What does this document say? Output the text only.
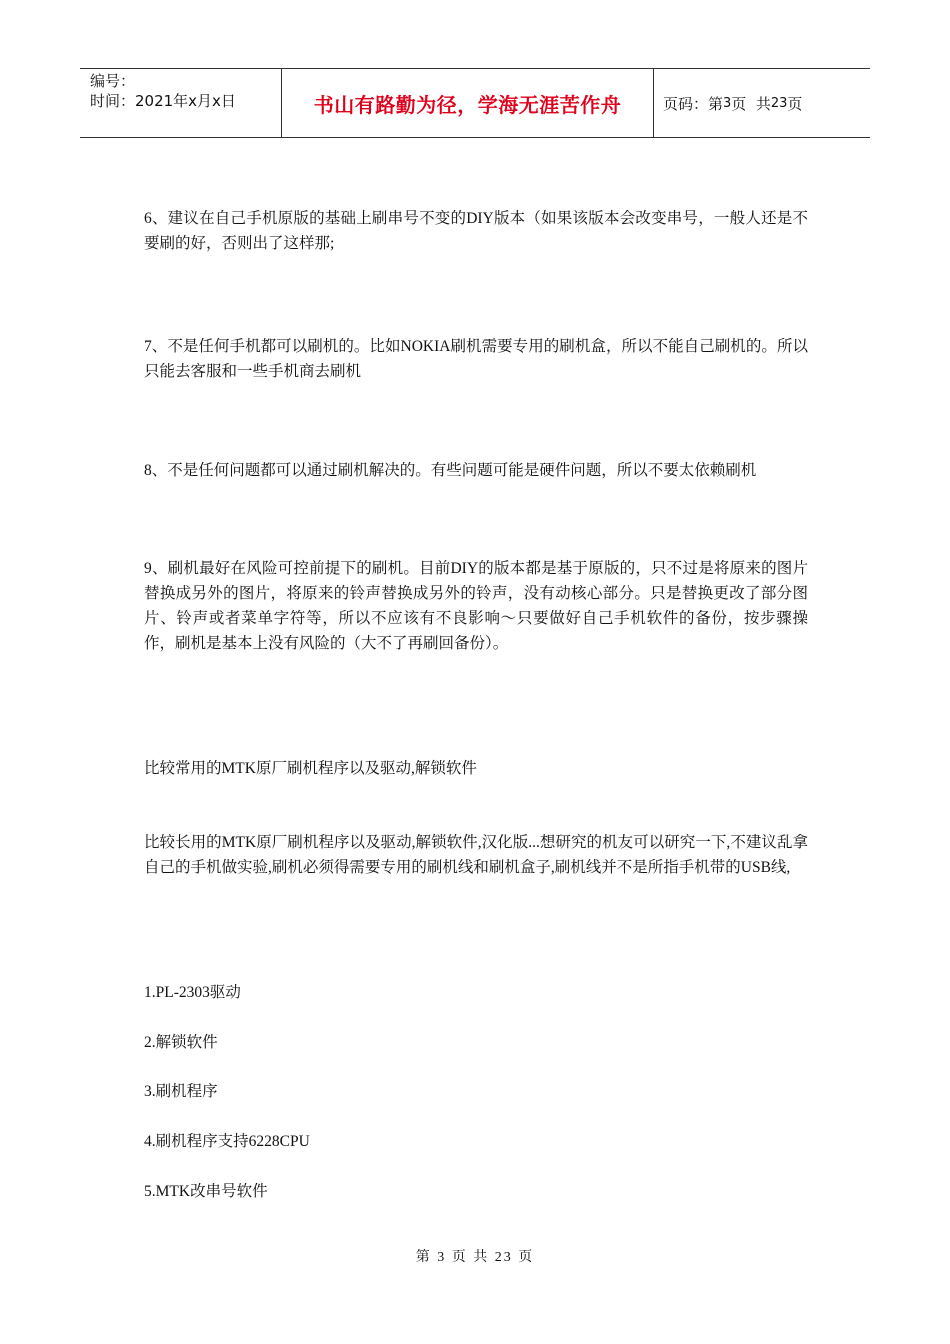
编号：
时间：2021年x月x日	书山有路勤为径，学海无涯苦作舟	页码：第 3 页  共 23 页

6、建议在自己手机原版的基础上刷串号不变的DIY版本（如果该版本会改变串号，一般人还是不要刷的好，否则出了这样那;

7、不是任何手机都可以刷机的。比如NOKIA刷机需要专用的刷机盒，所以不能自己刷机的。所以只能去客服和一些手机商去刷机

8、不是任何问题都可以通过刷机解决的。有些问题可能是硬件问题，所以不要太依赖刷机

9、刷机最好在风险可控前提下的刷机。目前DIY的版本都是基于原版的，只不过是将原来的图片替换成另外的图片，将原来的铃声替换成另外的铃声，没有动核心部分。只是替换更改了部分图片、铃声或者菜单字符等，所以不应该有不良影响～只要做好自己手机软件的备份，按步骤操作，刷机是基本上没有风险的（大不了再刷回备份）。

比较常用的MTK原厂刷机程序以及驱动,解锁软件

比较长用的MTK原厂刷机程序以及驱动,解锁软件,汉化版...想研究的机友可以研究一下,不建议乱拿自己的手机做实验,刷机必须得需要专用的刷机线和刷机盒子,刷机线并不是所指手机带的USB线,

1.PL-2303驱动

2.解锁软件

3.刷机程序

4.刷机程序支持6228CPU

5.MTK改串号软件

第 3 页 共 23 页
